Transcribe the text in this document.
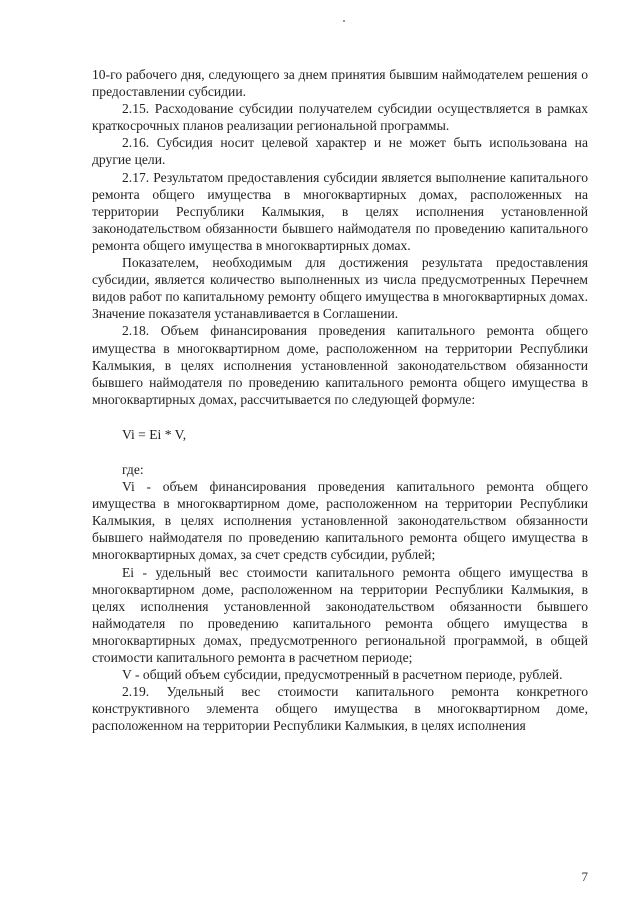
10-го рабочего дня, следующего за днем принятия бывшим наймодателем решения о предоставлении субсидии.

2.15. Расходование субсидии получателем субсидии осуществляется в рамках краткосрочных планов реализации региональной программы.

2.16. Субсидия носит целевой характер и не может быть использована на другие цели.

2.17. Результатом предоставления субсидии является выполнение капитального ремонта общего имущества в многоквартирных домах, расположенных на территории Республики Калмыкия, в целях исполнения установленной законодательством обязанности бывшего наймодателя по проведению капитального ремонта общего имущества в многоквартирных домах.

Показателем, необходимым для достижения результата предоставления субсидии, является количество выполненных из числа предусмотренных Перечнем видов работ по капитальному ремонту общего имущества в многоквартирных домах. Значение показателя устанавливается в Соглашении.

2.18. Объем финансирования проведения капитального ремонта общего имущества в многоквартирном доме, расположенном на территории Республики Калмыкия, в целях исполнения установленной законодательством обязанности бывшего наймодателя по проведению капитального ремонта общего имущества в многоквартирных домах, рассчитывается по следующей формуле:

Vi = Ei * V,

где:

Vi - объем финансирования проведения капитального ремонта общего имущества в многоквартирном доме, расположенном на территории Республики Калмыкия, в целях исполнения установленной законодательством обязанности бывшего наймодателя по проведению капитального ремонта общего имущества в многоквартирных домах, за счет средств субсидии, рублей;

Ei - удельный вес стоимости капитального ремонта общего имущества в многоквартирном доме, расположенном на территории Республики Калмыкия, в целях исполнения установленной законодательством обязанности бывшего наймодателя по проведению капитального ремонта общего имущества в многоквартирных домах, предусмотренного региональной программой, в общей стоимости капитального ремонта в расчетном периоде;

V - общий объем субсидии, предусмотренный в расчетном периоде, рублей.

2.19. Удельный вес стоимости капитального ремонта конкретного конструктивного элемента общего имущества в многоквартирном доме, расположенном на территории Республики Калмыкия, в целях исполнения

7
